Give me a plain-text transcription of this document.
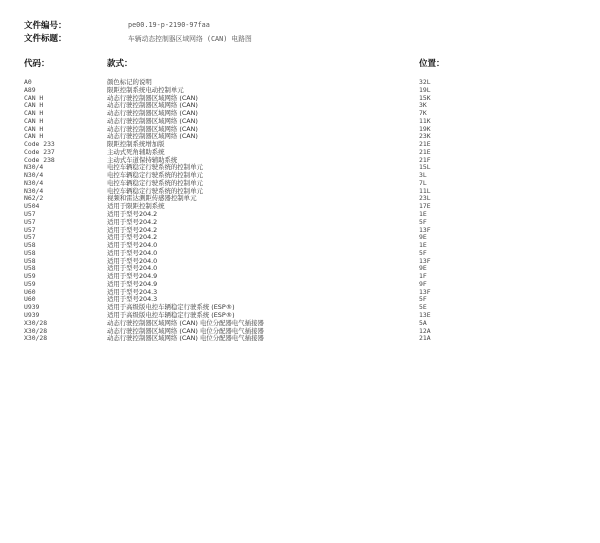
文件编号：	pe00.19-p-2190-97faa
文件标题：	车辆动态控制器区域网络 (CAN) 电路图
代码：	款式：	位置：
A0	颜色标记的说明	32L
A89	限距控制系统电动控制单元	19L
CAN H	动态行驶控制器区域网络 (CAN)	15K
CAN H	动态行驶控制器区域网络 (CAN)	3K
CAN H	动态行驶控制器区域网络 (CAN)	7K
CAN H	动态行驶控制器区域网络 (CAN)	11K
CAN H	动态行驶控制器区域网络 (CAN)	19K
CAN H	动态行驶控制器区域网络 (CAN)	23K
Code 233	限距控制系统增加版	21E
Code 237	主动式死角辅助系统	21E
Code 238	主动式车道保持辅助系统	21F
N30/4	电控车辆稳定行驶系统的控制单元	15L
N30/4	电控车辆稳定行驶系统的控制单元	3L
N30/4	电控车辆稳定行驶系统的控制单元	7L
N30/4	电控车辆稳定行驶系统的控制单元	11L
N62/2	视频和雷达测距传感器控制单元	23L
U504	适用于限距控制系统	17E
U57	适用于型号204.2	1E
U57	适用于型号204.2	5F
U57	适用于型号204.2	13F
U57	适用于型号204.2	9E
U58	适用于型号204.0	1E
U58	适用于型号204.0	5F
U58	适用于型号204.0	13F
U58	适用于型号204.0	9E
U59	适用于型号204.9	1F
U59	适用于型号204.9	9F
U60	适用于型号204.3	13F
U60	适用于型号204.3	5F
U939	适用于高级版电控车辆稳定行驶系统 (ESP®)	5E
U939	适用于高级版电控车辆稳定行驶系统 (ESP®)	13E
X30/28	动态行驶控制器区域网络 (CAN) 电位分配器电气插接器	5A
X30/28	动态行驶控制器区域网络 (CAN) 电位分配器电气插接器	12A
X30/28	动态行驶控制器区域网络 (CAN) 电位分配器电气插接器	21A
